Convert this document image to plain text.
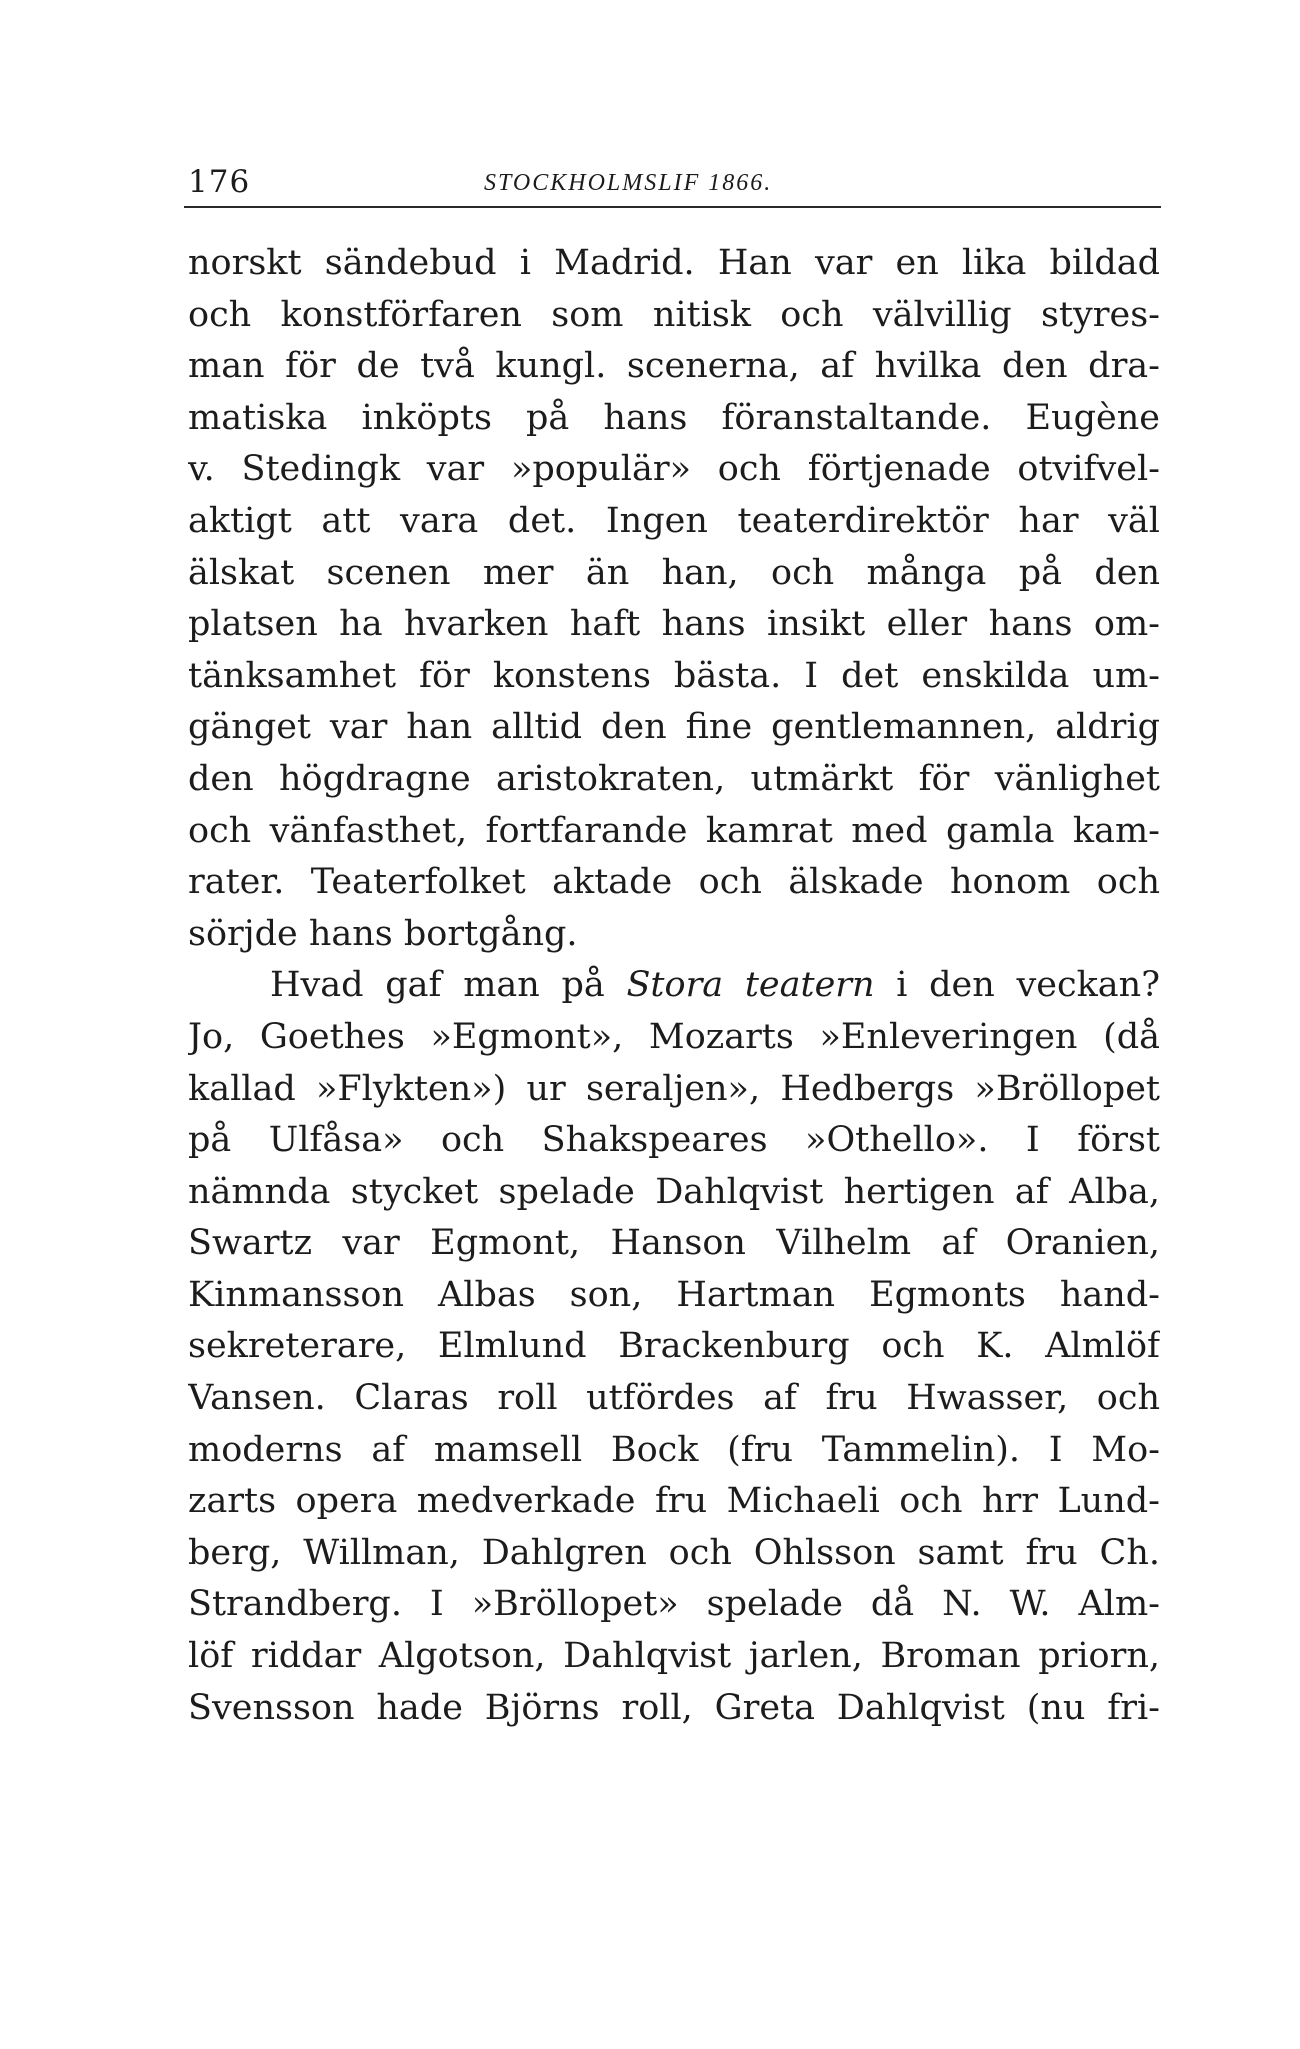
176	STOCKHOLMSLIF 1866.
norskt sändebud i Madrid. Han var en lika bildad
och konstförfaren som nitisk och välvillig styres-
man för de två kungl. scenerna, af hvilka den dra-
matiska inköpts på hans föranstaltande. Eugène
v. Stedingk var »populär» och förtjenade otvifvel-
aktigt att vara det. Ingen teaterdirektör har väl
älskat scenen mer än han, och många på den
platsen ha hvarken haft hans insikt eller hans om-
tänksamhet för konstens bästa. I det enskilda um-
gänget var han alltid den fine gentlemannen, aldrig
den högdragne aristokraten, utmärkt för vänlighet
och vänfasthet, fortfarande kamrat med gamla kam-
rater. Teaterfolket aktade och älskade honom och
sörjde hans bortgång.
Hvad gaf man på Stora teatern i den veckan?
Jo, Goethes »Egmont», Mozarts »Enleveringen (då
kallad »Flykten») ur seraljen», Hedbergs »Bröllopet
på Ulfåsa» och Shakspeares »Othello». I först
nämnda stycket spelade Dahlqvist hertigen af Alba,
Swartz var Egmont, Hanson Vilhelm af Oranien,
Kinmansson Albas son, Hartman Egmonts hand-
sekreterare, Elmlund Brackenburg och K. Almlöf
Vansen. Claras roll utfördes af fru Hwasser, och
moderns af mamsell Bock (fru Tammelin). I Mo-
zarts opera medverkade fru Michaeli och hrr Lund-
berg, Willman, Dahlgren och Ohlsson samt fru Ch.
Strandberg. I »Bröllopet» spelade då N. W. Alm-
löf riddar Algotson, Dahlqvist jarlen, Broman priorn,
Svensson hade Björns roll, Greta Dahlqvist (nu fri-
